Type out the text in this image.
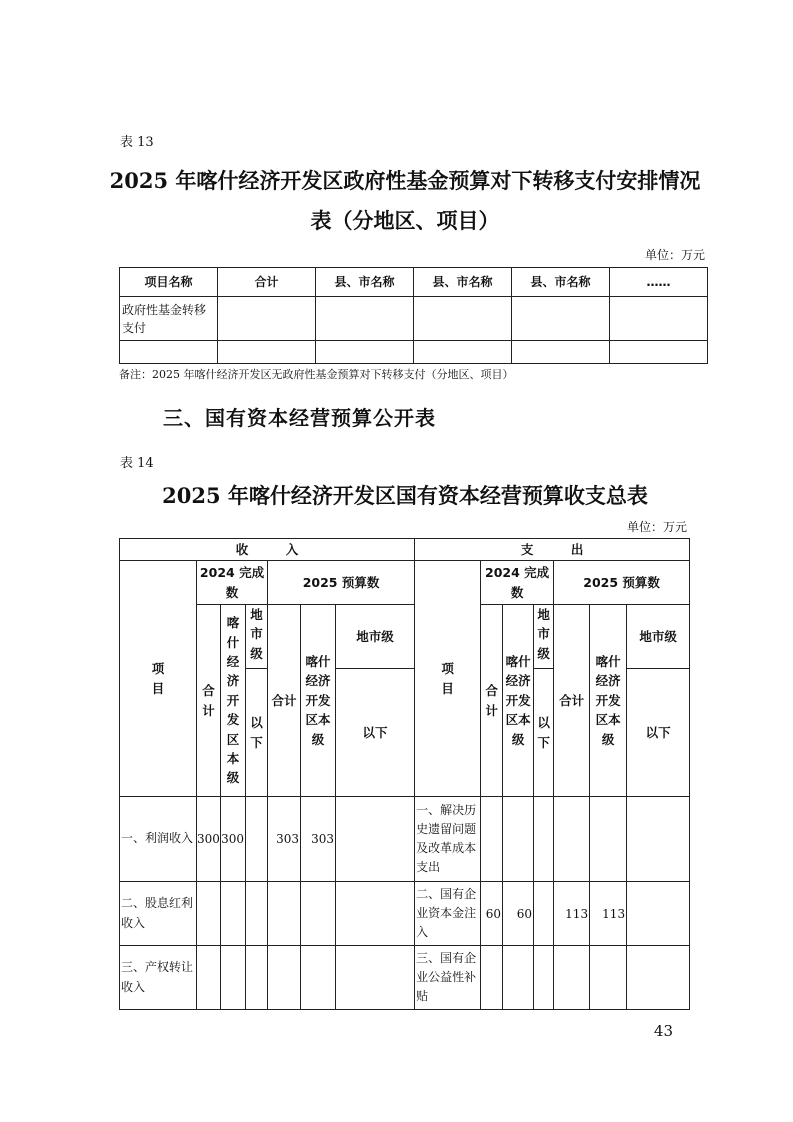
表 13
2025 年喀什经济开发区政府性基金预算对下转移支付安排情况
表（分地区、项目）
单位：万元
项目名称	合计	县、市名称	县、市名称	县、市名称	……
政府性基金转移支付					

备注：2025 年喀什经济开发区无政府性基金预算对下转移支付（分地区、项目）
三、国有资本经营预算公开表
表 14
2025 年喀什经济开发区国有资本经营预算收支总表
单位：万元
收　　　入							支　　　出						
项目	2024 完成数			2025 预算数			项目	2024 完成数			2025 预算数		
	合计	喀什经济开发区本级	地市级	合计	喀什经济开发区本级	地市级		合计	喀什经济开发区本级	地市级	合计	喀什经济开发区本级	地市级
			以下			以下				以下			以下

一、利润收入	300	300		303	303		一、解决历史遗留问题及改革成本支出						
二、股息红利收入							二、国有企业资本金注入	60	60		113	113	
三、产权转让收入							三、国有企业公益性补贴						
43
